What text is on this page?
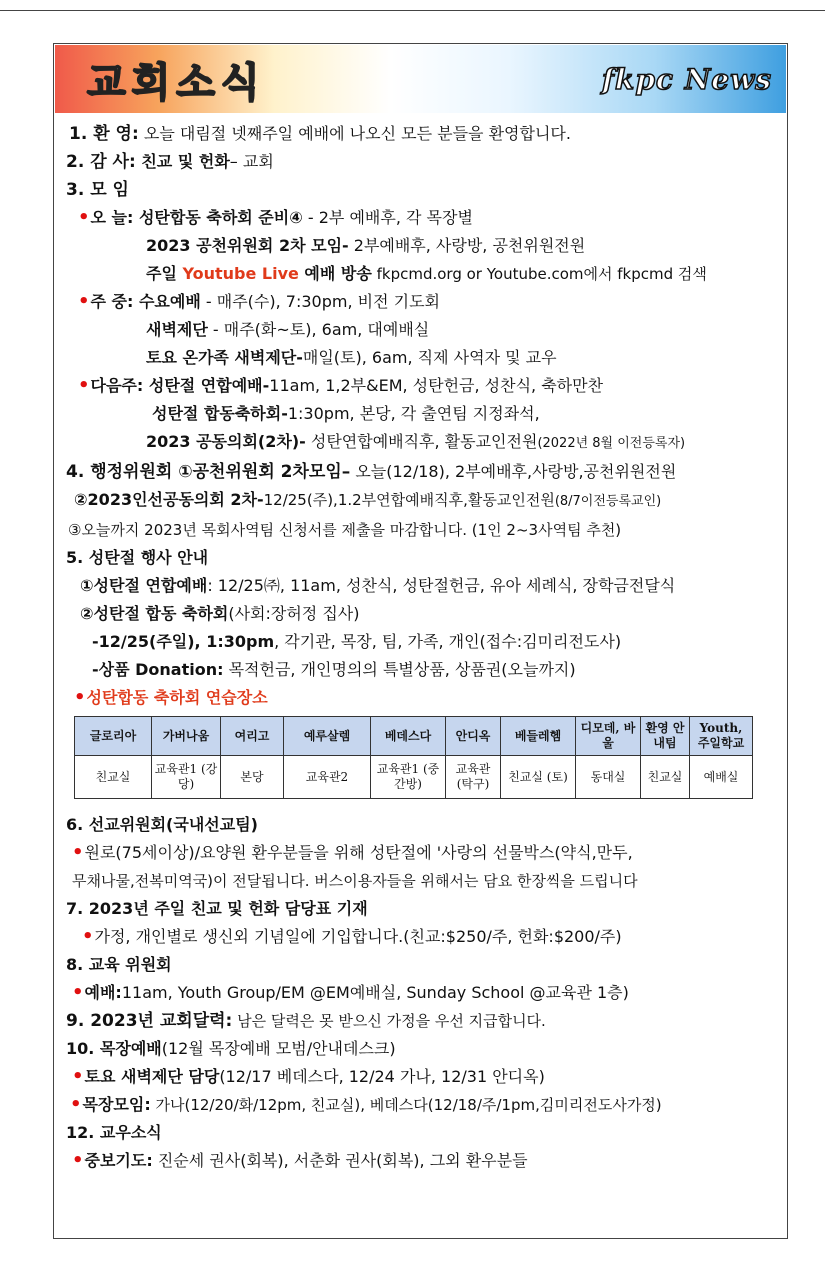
교회소식	fkpc News
1. 환 영: 오늘 대림절 넷째주일 예배에 나오신 모든 분들을 환영합니다.
2. 감 사: 친교 및 헌화– 교회
3. 모 임
•오 늘: 성탄합동 축하회 준비④ - 2부 예배후, 각 목장별
2023 공천위원회 2차 모임- 2부예배후, 사랑방, 공천위원전원
주일 Youtube Live 예배 방송 fkpcmd.org or Youtube.com에서 fkpcmd 검색
•주 중: 수요예배 - 매주(수), 7:30pm, 비전 기도회
새벽제단 - 매주(화~토), 6am, 대예배실
토요 온가족 새벽제단-매일(토), 6am, 직제 사역자 및 교우
•다음주: 성탄절 연합예배-11am, 1,2부&EM, 성탄헌금, 성찬식, 축하만찬
성탄절 합동축하회-1:30pm, 본당, 각 출연팀 지정좌석,
2023 공동의회(2차)- 성탄연합예배직후, 활동교인전원(2022년 8월 이전등록자)
4. 행정위원회 ①공천위원회 2차모임– 오늘(12/18), 2부예배후,사랑방,공천위원전원
②2023인선공동의회 2차-12/25(주),1.2부연합예배직후,활동교인전원(8/7이전등록교인)
③오늘까지 2023년 목회사역팀 신청서를 제출을 마감합니다. (1인 2~3사역팀 추천)
5. 성탄절 행사 안내
①성탄절 연합예배: 12/25㈜, 11am, 성찬식, 성탄절헌금, 유아 세례식, 장학금전달식
②성탄절 합동 축하회(사회:장허정 집사)
-12/25(주일), 1:30pm, 각기관, 목장, 팀, 가족, 개인(접수:김미리전도사)
-상품 Donation: 목적헌금, 개인명의의 특별상품, 상품권(오늘까지)
•성탄합동 축하회 연습장소
글로리아	가버나움	여리고	예루살렘	베데스다	안디옥	베들레헴	디모데, 바울	환영 안내팀	Youth, 주일학교
친교실	교육관1 (강당)	본당	교육관2	교육관1 (중간방)	교육관 (탁구)	친교실 (토)	동대실	친교실	예배실
6. 선교위원회(국내선교팀)
•원로(75세이상)/요양원 환우분들을 위해 성탄절에 '사랑의 선물박스(약식,만두,
무채나물,전복미역국)이 전달됩니다. 버스이용자들을 위해서는 담요 한장씩을 드립니다
7. 2023년 주일 친교 및 헌화 담당표 기재
•가정, 개인별로 생신외 기념일에 기입합니다.(친교:$250/주, 헌화:$200/주)
8. 교육 위원회
•예배:11am, Youth Group/EM @EM예배실, Sunday School @교육관 1층)
9. 2023년 교회달력: 남은 달력은 못 받으신 가정을 우선 지급합니다.
10. 목장예배(12월 목장예배 모범/안내데스크)
•토요 새벽제단 담당(12/17 베데스다, 12/24 가나, 12/31 안디옥)
•목장모임: 가나(12/20/화/12pm, 친교실), 베데스다(12/18/주/1pm,김미리전도사가정)
12. 교우소식
•중보기도: 진순세 권사(회복), 서춘화 권사(회복), 그외 환우분들
